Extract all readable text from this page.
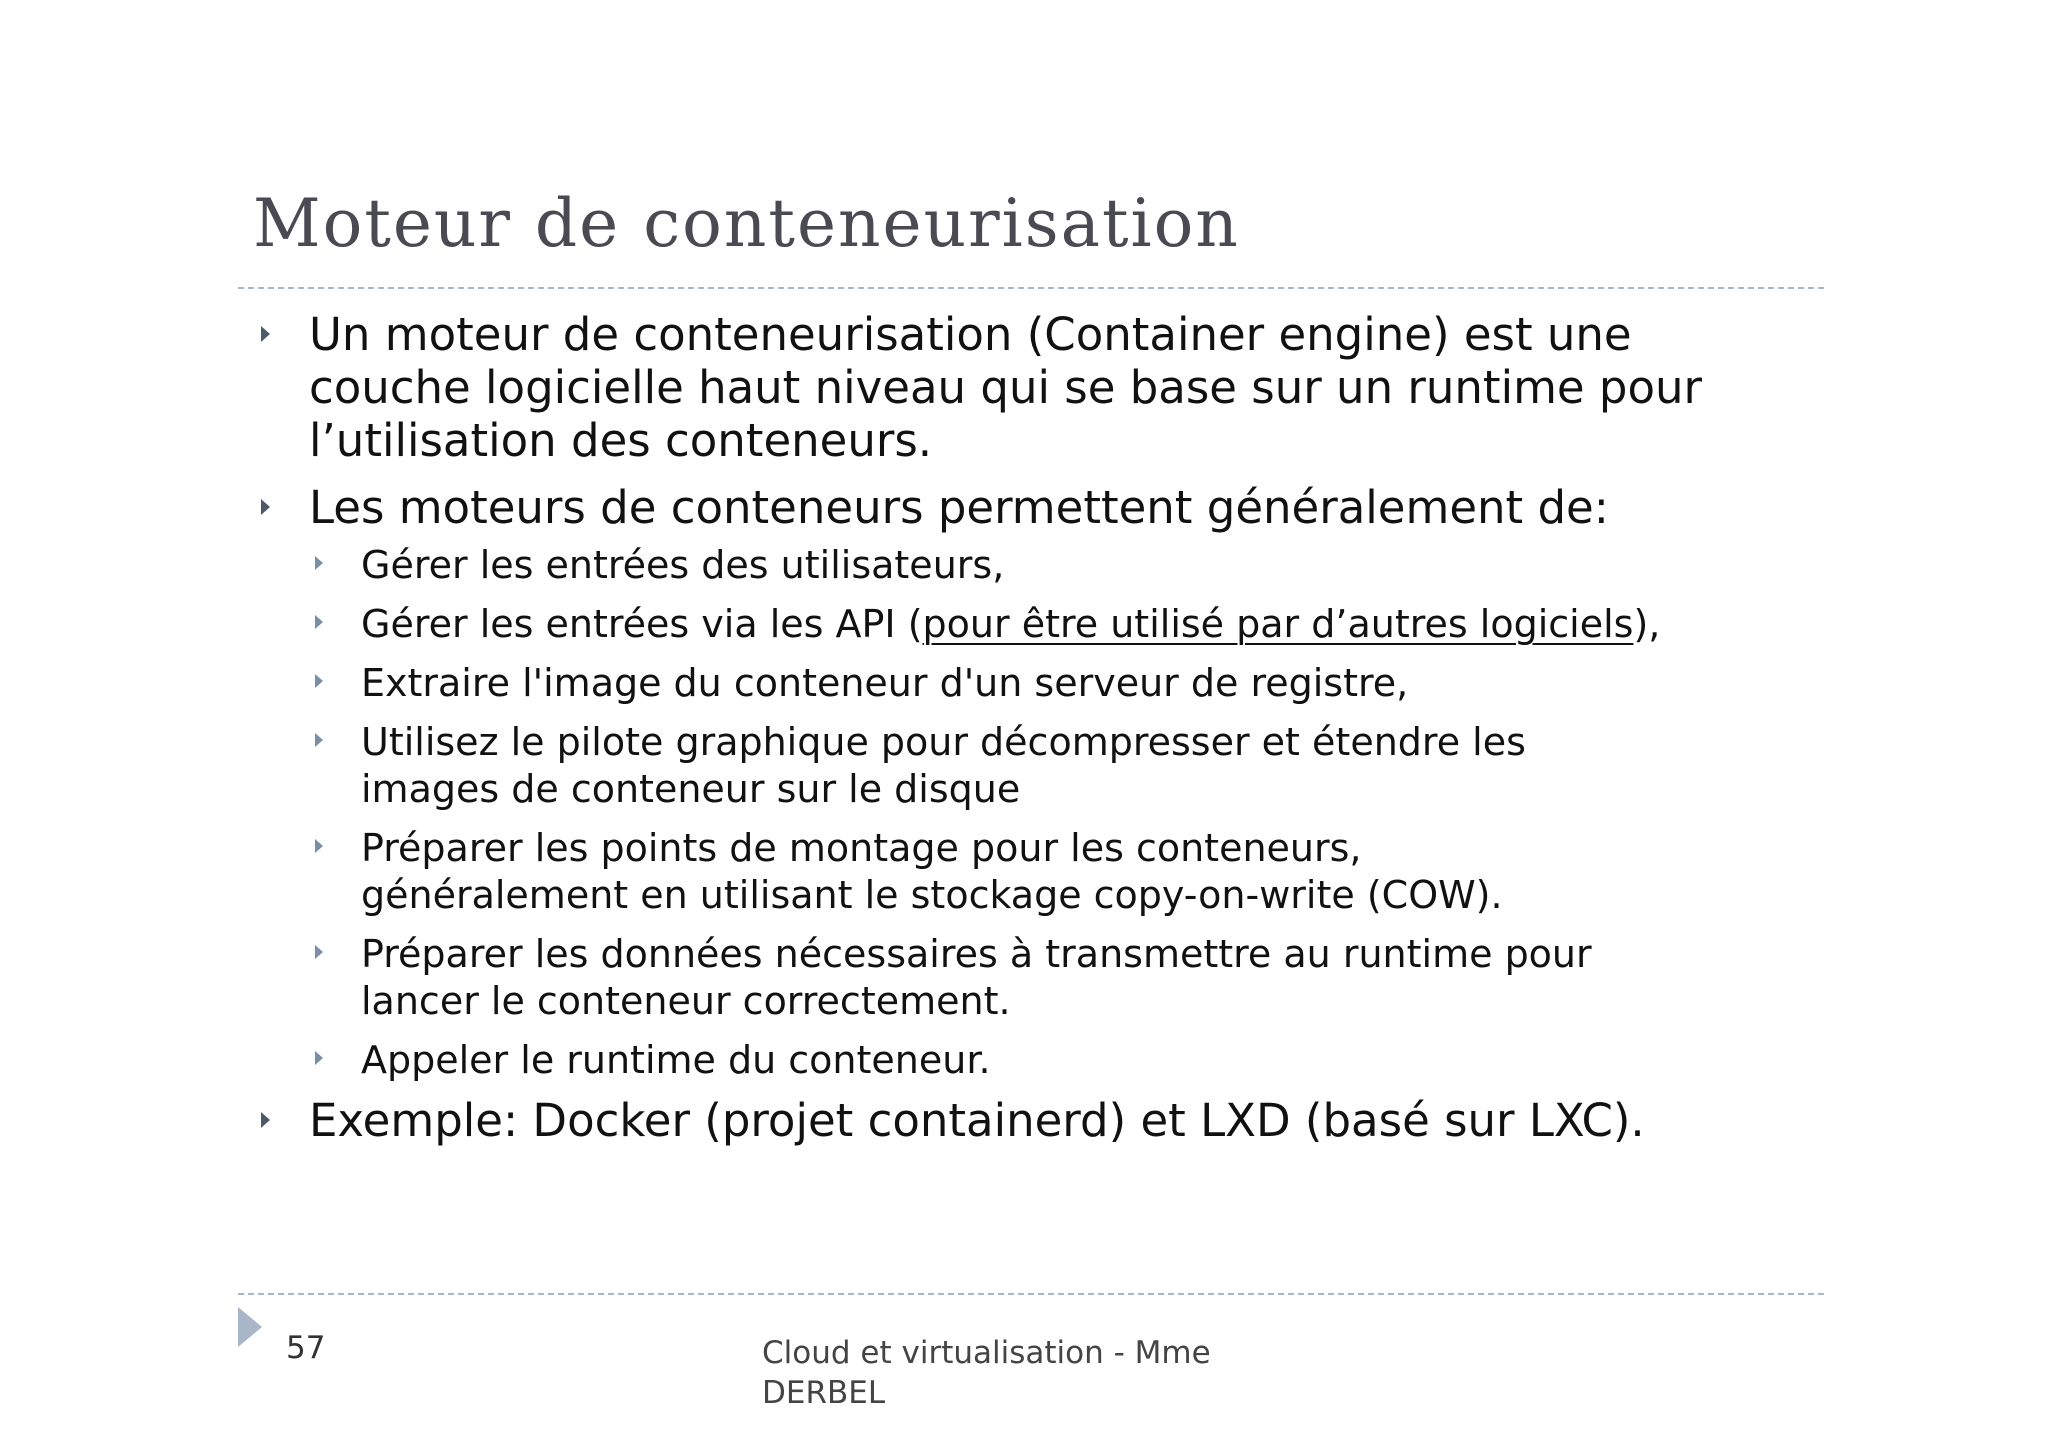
Moteur de conteneurisation
Un moteur de conteneurisation (Container engine) est une
couche logicielle haut niveau qui se base sur un runtime pour
l’utilisation des conteneurs.
Les moteurs de conteneurs permettent généralement de:
Gérer les entrées des utilisateurs,
Gérer les entrées via les API (pour être utilisé par d’autres logiciels),
Extraire l'image du conteneur d'un serveur de registre,
Utilisez le pilote graphique pour décompresser et étendre les
images de conteneur sur le disque
Préparer les points de montage pour les conteneurs,
généralement en utilisant le stockage copy-on-write (COW).
Préparer les données nécessaires à transmettre au runtime pour
lancer le conteneur correctement.
Appeler le runtime du conteneur.
Exemple: Docker (projet containerd) et LXD (basé sur LXC).
57	Cloud et virtualisation - Mme
DERBEL
